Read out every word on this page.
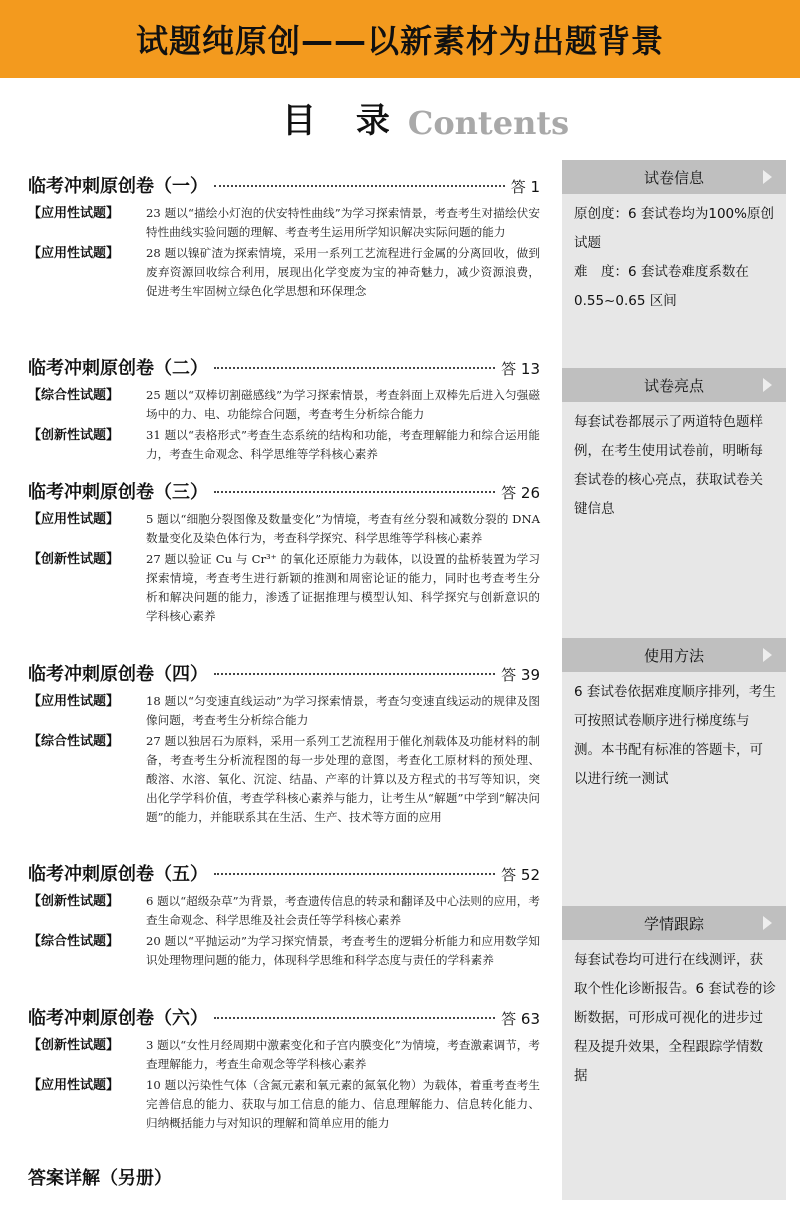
试题纯原创——以新素材为出题背景
目 录 Contents
临考冲刺原创卷（一）	答 1
【应用性试题】	23 题以“描绘小灯泡的伏安特性曲线”为学习探索情景，考查考生对描绘伏安特性曲线实验问题的理解、考查考生运用所学知识解决实际问题的能力
【应用性试题】	28 题以镍矿渣为探索情境，采用一系列工艺流程进行金属的分离回收，做到废弃资源回收综合利用，展现出化学变废为宝的神奇魅力，减少资源浪费，促进考生牢固树立绿色化学思想和环保理念
临考冲刺原创卷（二）	答 13
【综合性试题】	25 题以“双棒切割磁感线”为学习探索情景，考查斜面上双棒先后进入匀强磁场中的力、电、功能综合问题，考查考生分析综合能力
【创新性试题】	31 题以“表格形式”考查生态系统的结构和功能，考查理解能力和综合运用能力，考查生命观念、科学思维等学科核心素养
临考冲刺原创卷（三）	答 26
【应用性试题】	5 题以“细胞分裂图像及数量变化”为情境，考查有丝分裂和减数分裂的 DNA 数量变化及染色体行为，考查科学探究、科学思维等学科核心素养
【创新性试题】	27 题以验证 Cu 与 Cr³⁺ 的氧化还原能力为载体，以设置的盐桥装置为学习探索情境，考查考生进行新颖的推测和周密论证的能力，同时也考查考生分析和解决问题的能力，渗透了证据推理与模型认知、科学探究与创新意识的学科核心素养
临考冲刺原创卷（四）	答 39
【应用性试题】	18 题以“匀变速直线运动”为学习探索情景，考查匀变速直线运动的规律及图像问题，考查考生分析综合能力
【综合性试题】	27 题以独居石为原料，采用一系列工艺流程用于催化剂载体及功能材料的制备，考查考生分析流程图的每一步处理的意图，考查化工原材料的预处理、酸溶、水溶、氧化、沉淀、结晶、产率的计算以及方程式的书写等知识，突出化学学科价值，考查学科核心素养与能力，让考生从“解题”中学到“解决问题”的能力，并能联系其在生活、生产、技术等方面的应用
临考冲刺原创卷（五）	答 52
【创新性试题】	6 题以“超级杂草”为背景，考查遗传信息的转录和翻译及中心法则的应用，考查生命观念、科学思维及社会责任等学科核心素养
【综合性试题】	20 题以“平抛运动”为学习探究情景，考查考生的逻辑分析能力和应用数学知识处理物理问题的能力，体现科学思维和科学态度与责任的学科素养
临考冲刺原创卷（六）	答 63
【创新性试题】	3 题以“女性月经周期中激素变化和子宫内膜变化”为情境，考查激素调节，考查理解能力，考查生命观念等学科核心素养
【应用性试题】	10 题以污染性气体（含氮元素和氧元素的氮氧化物）为载体，着重考查考生完善信息的能力、获取与加工信息的能力、信息理解能力、信息转化能力、归纳概括能力与对知识的理解和简单应用的能力
答案详解（另册）
试卷信息

原创度：6 套试卷均为100%原创试题

难　度：6 套试卷难度系数在 0.55~0.65 区间

试卷亮点

每套试卷都展示了两道特色题样例，在考生使用试卷前，明晰每套试卷的核心亮点，获取试卷关键信息

使用方法

6 套试卷依据难度顺序排列，考生可按照试卷顺序进行梯度练与测。本书配有标准的答题卡，可以进行统一测试

学情跟踪

每套试卷均可进行在线测评，获取个性化诊断报告。6 套试卷的诊断数据，可形成可视化的进步过程及提升效果，全程跟踪学情数据
